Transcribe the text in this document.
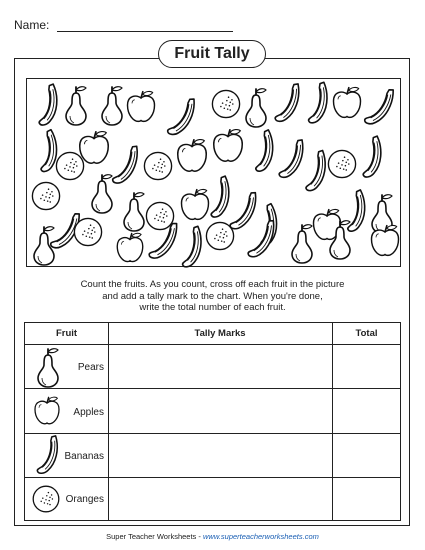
Name:
Fruit Tally
Count the fruits. As you count, cross off each fruit in the picture
and add a tally mark to the chart. When you're done,
write the total number of each fruit.
Fruit	Tally Marks	Total
Pears
Apples
Bananas
Oranges
Super Teacher Worksheets - www.superteacherworksheets.com
